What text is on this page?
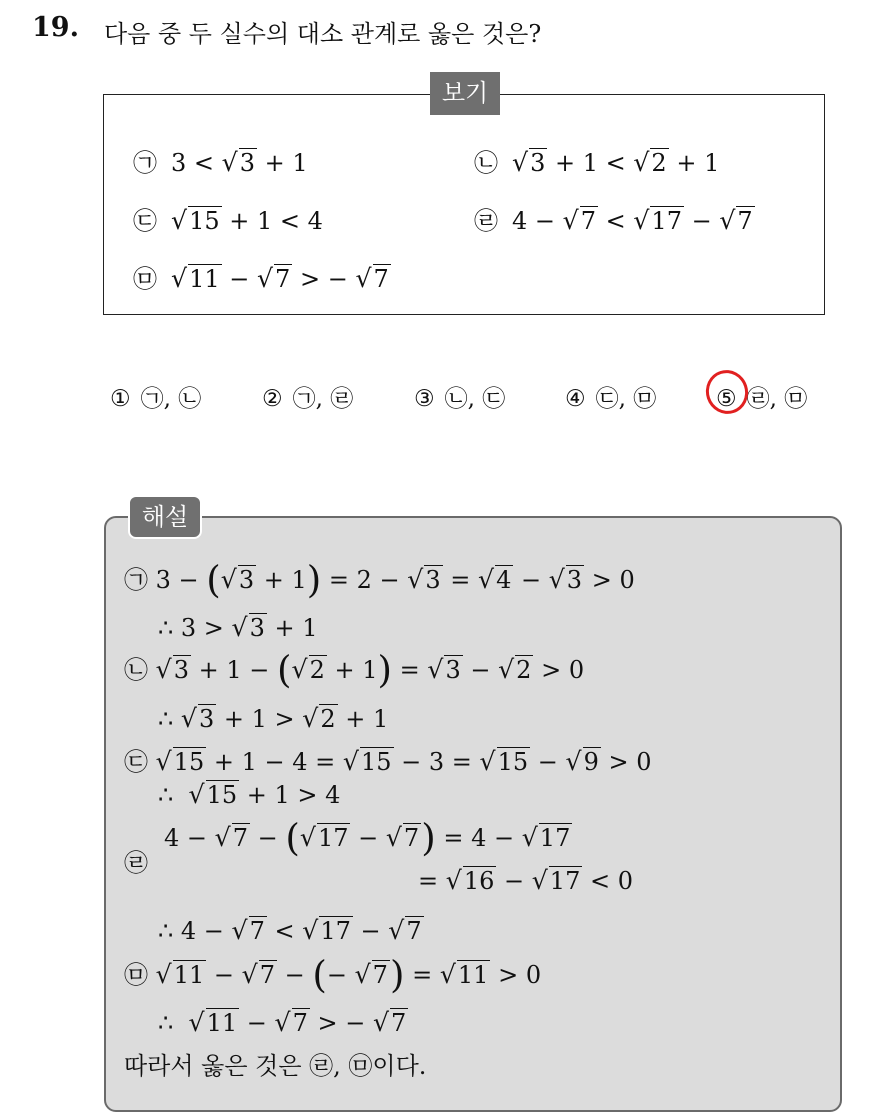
19. 다음 중 두 실수의 대소 관계로 옳은 것은?
보기
㉠ 3 < √3 + 1	㉡ √3 + 1 < √2 + 1
㉢ √15 + 1 < 4	㉣ 4 − √7 < √17 − √7
㉤ √11 − √7 > − √7
① ㉠, ㉡	② ㉠, ㉣	③ ㉡, ㉢	④ ㉢, ㉤	⑤ ㉣, ㉤
해설
㉠ 3 − (√3 + 1) = 2 − √3 = √4 − √3 > 0
∴ 3 > √3 + 1
㉡ √3 + 1 − (√2 + 1) = √3 − √2 > 0
∴ √3 + 1 > √2 + 1
㉢ √15 + 1 − 4 = √15 − 3 = √15 − √9 > 0
∴  √15 + 1 > 4
㉣
4 − √7 − (√17 − √7) = 4 − √17
= √16 − √17 < 0
∴ 4 − √7 < √17 − √7
㉤ √11 − √7 − (− √7) = √11 > 0
∴  √11 − √7 > − √7
따라서 옳은 것은 ㉣, ㉤이다.
